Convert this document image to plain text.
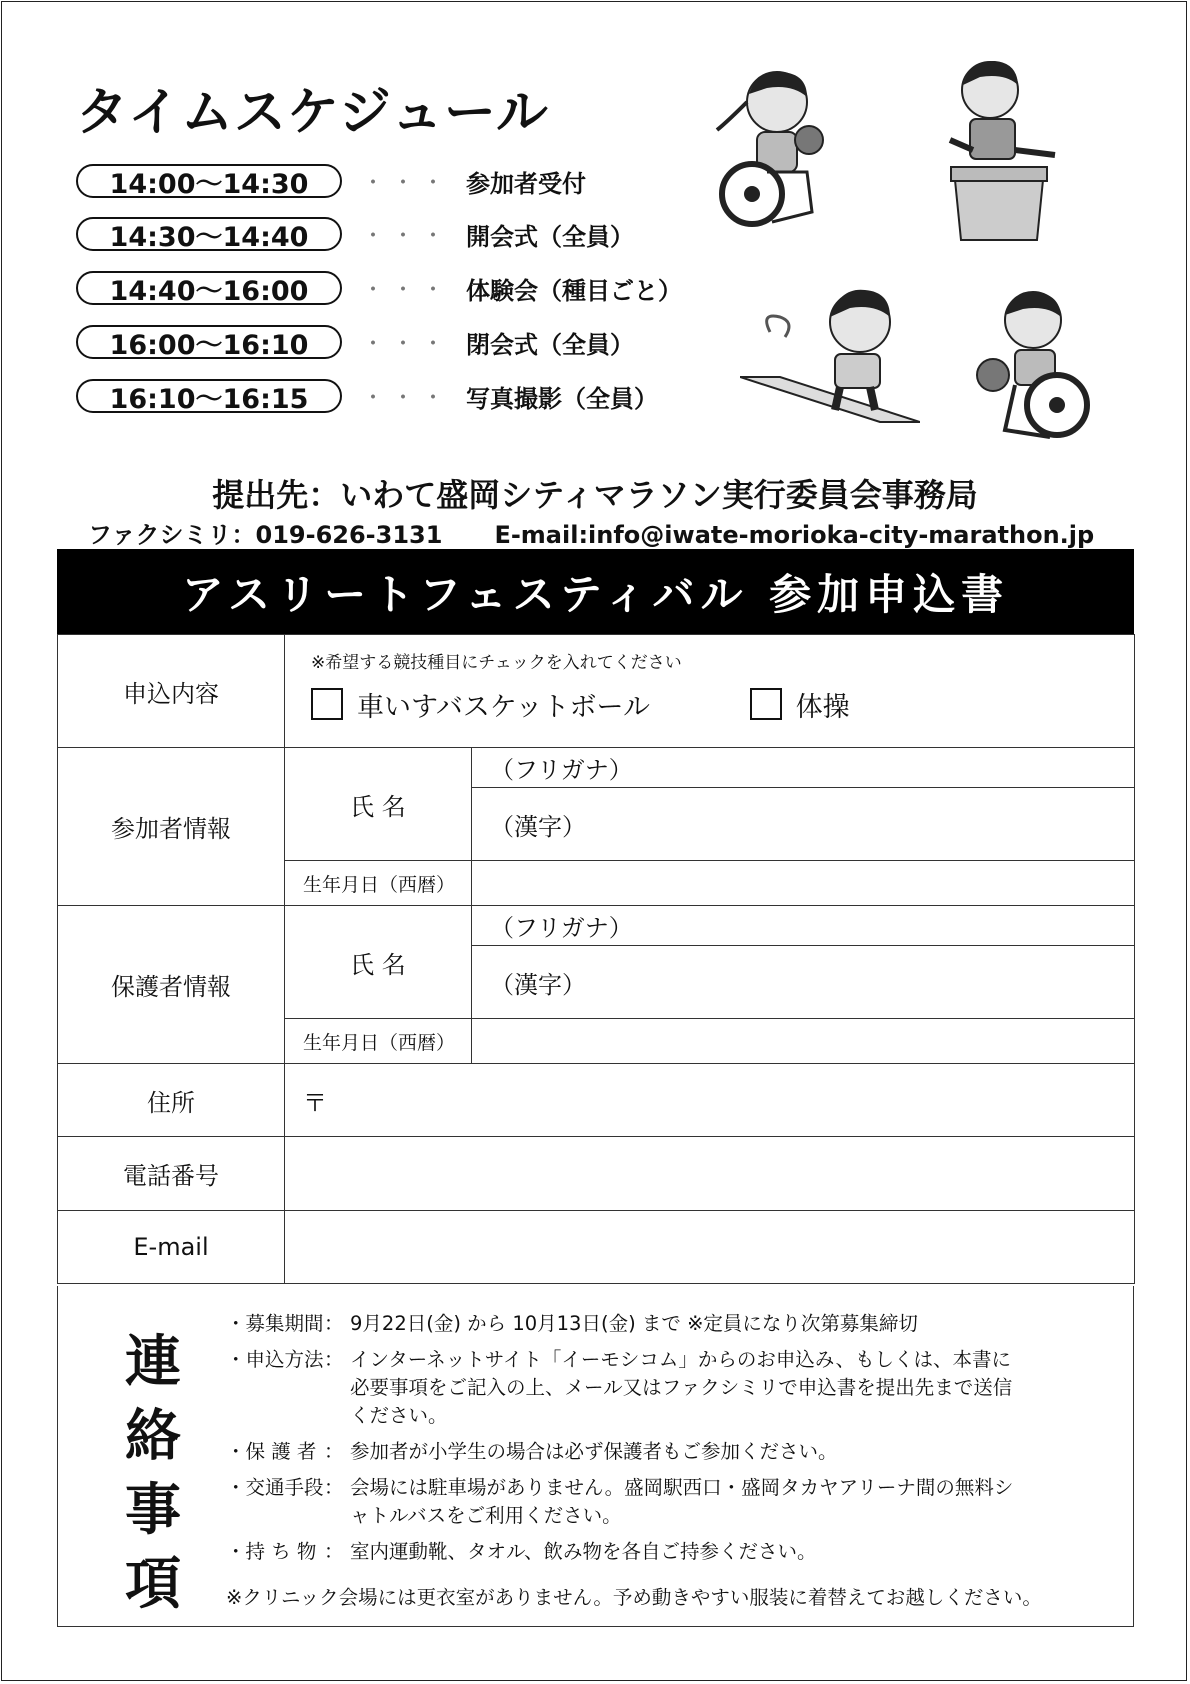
タイムスケジュール
14:00～14:30	・・・ 参加者受付
14:30～14:40	・・・ 開会式（全員）
14:40～16:00	・・・ 体験会（種目ごと）
16:00～16:10	・・・ 閉会式（全員）
16:10～16:15	・・・ 写真撮影（全員）
提出先：いわて盛岡シティマラソン実行委員会事務局
ファクシミリ：019-626-3131 E-mail:info@iwate-morioka-city-marathon.jp
アスリートフェスティバル 参加申込書
申込内容	※希望する競技種目にチェックを入れてください
車いすバスケットボール
体操	

参加者情報	氏 名	（フリガナ）
		（漢字）
	生年月日（西暦）	
保護者情報	氏 名	（フリガナ）
		（漢字）
	生年月日（西暦）	
住所	〒	
電話番号		
E-mail		
連絡事項
・募集期間 ： 9月22日(金) から 10月13日(金) まで ※定員になり次第募集締切
・申込方法 ： インターネットサイト「イーモシコム」からのお申込み、もしくは、本書に必要事項をご記入の上、メール又はファクシミリで申込書を提出先まで送信ください。
・保 護 者 ： 参加者が小学生の場合は必ず保護者もご参加ください。
・交通手段 ： 会場には駐車場がありません。盛岡駅西口・盛岡タカヤアリーナ間の無料シャトルバスをご利用ください。
・持 ち 物 ： 室内運動靴、タオル、飲み物を各自ご持参ください。
※クリニック会場には更衣室がありません。予め動きやすい服装に着替えてお越しください。
